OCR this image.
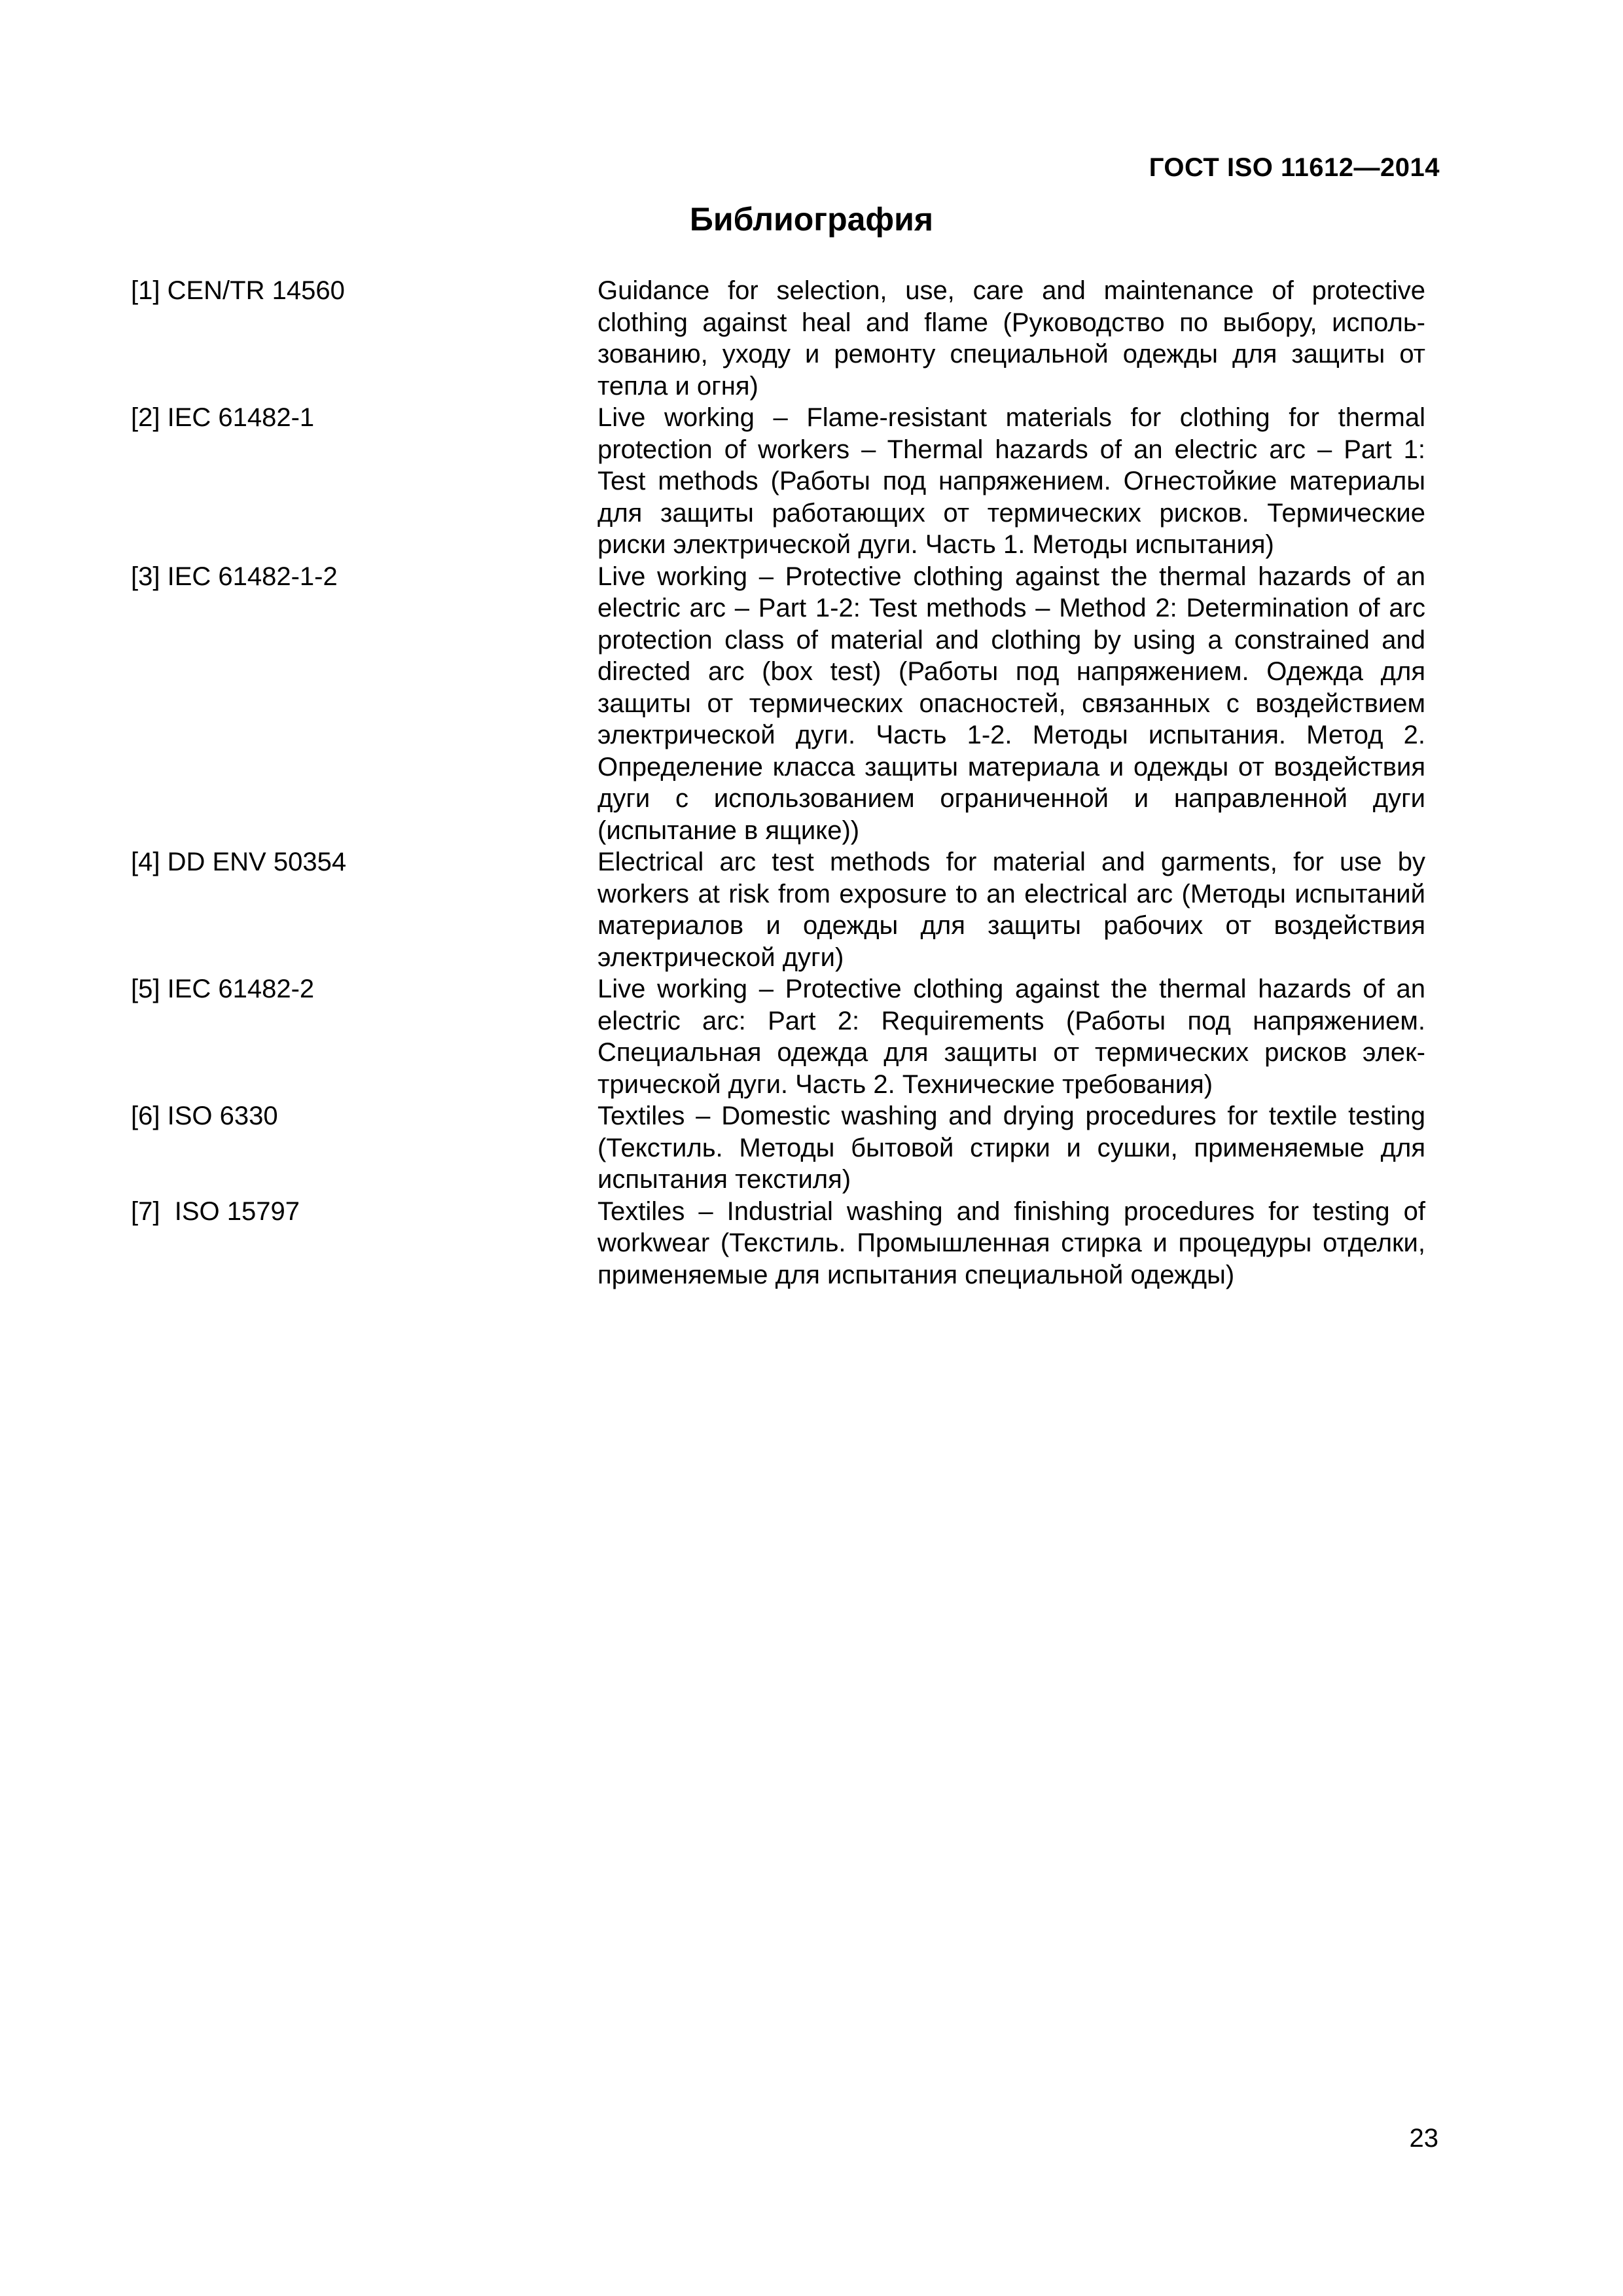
ГОСТ ISO 11612—2014
Библиография
[1] CEN/TR 14560	Guidance for selection, use, care and maintenance of protective clothing against heal and flame (Руководство по выбору, использованию, уходу и ремонту специальной одежды для защиты от тепла и огня)
[2] IEC 61482-1	Live working – Flame-resistant materials for clothing for thermal protection of workers – Thermal hazards of an electric arc – Part 1: Test methods (Работы под напряжением. Огнестойкие материалы для защиты работающих от термических рисков. Термические риски электрической дуги. Часть 1. Методы испытания)
[3] IEC 61482-1-2	Live working – Protective clothing against the thermal hazards of an electric arc – Part 1-2: Test methods – Method 2: Determination of arc protection class of material and clothing by using a constrained and directed arc (box test) (Работы под напряжением. Одежда для защиты от термических опасностей, связанных с воздействием электрической дуги. Часть 1-2. Методы испытания. Метод 2. Определение класса защиты материала и одежды от воздействия дуги с использованием ограниченной и направленной дуги (испытание в ящике))
[4] DD ENV 50354	Electrical arc test methods for material and garments, for use by workers at risk from exposure to an electrical arc (Методы испытаний материалов и одежды для защиты рабочих от воздействия электрической дуги)
[5] IEC 61482-2	Live working – Protective clothing against the thermal hazards of an electric arc: Part 2: Requirements (Работы под напряжением. Специальная одежда для защиты от термических рисков электрической дуги. Часть 2. Технические требования)
[6] ISO 6330	Textiles – Domestic washing and drying procedures for textile testing (Текстиль. Методы бытовой стирки и сушки, применяемые для испытания текстиля)
[7]  ISO 15797	Textiles – Industrial washing and finishing procedures for testing of workwear (Текстиль. Промышленная стирка и процедуры отделки, применяемые для испытания специальной одежды)
23
